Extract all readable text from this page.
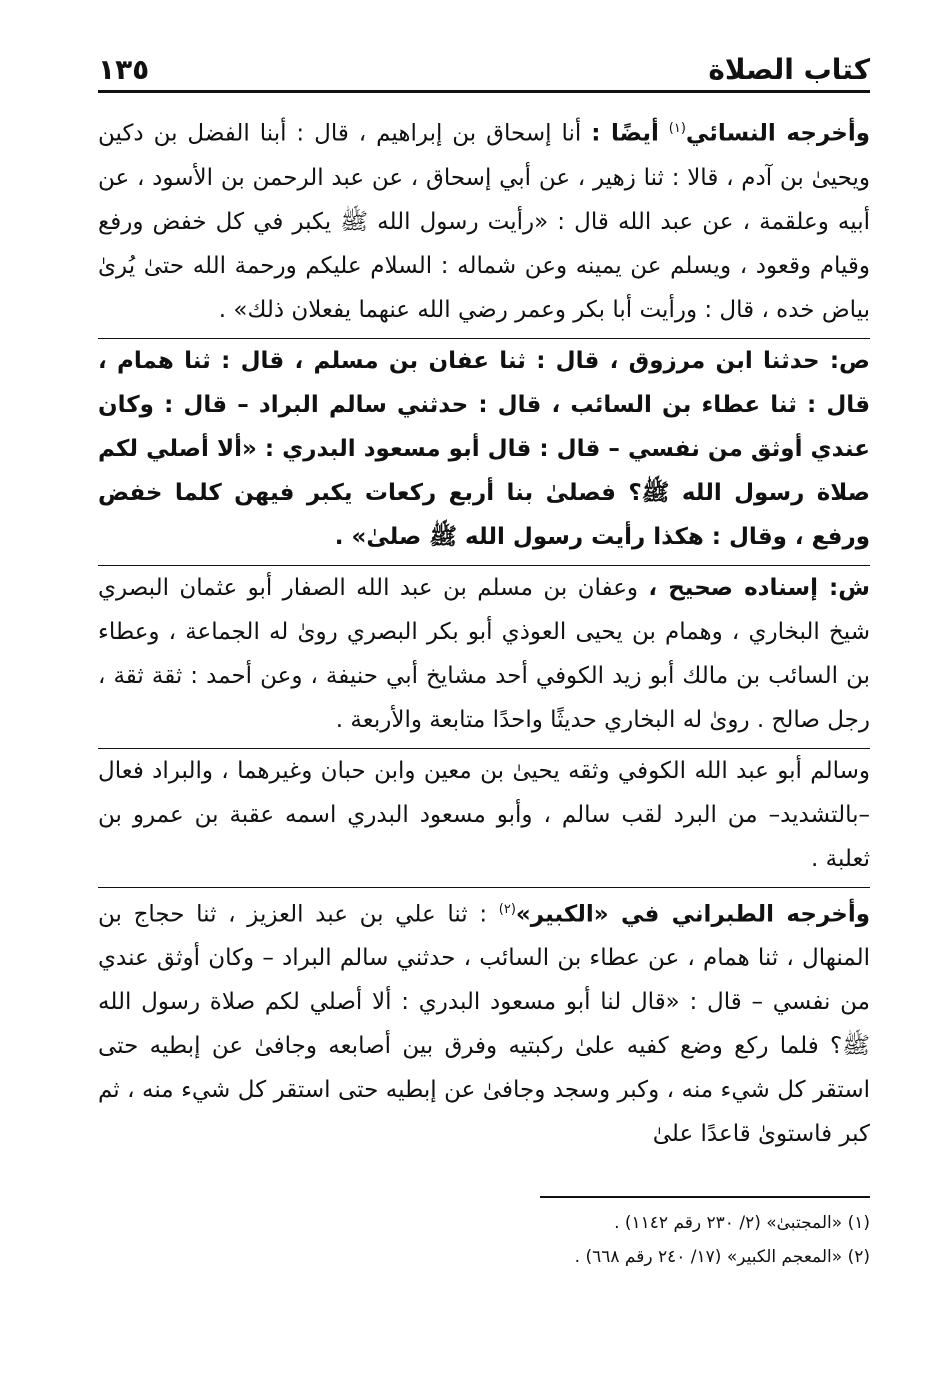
كتاب الصلاة
١٣٥

وأخرجه النسائي$^{(١)}$ أيضًا : أنا إسحاق بن إبراهيم ، قال : أبنا الفضل بن دكين ويحيىٰ بن آدم ، قالا : ثنا زهير ، عن أبي إسحاق ، عن عبد الرحمن بن الأسود ، عن أبيه وعلقمة ، عن عبد الله قال : «رأيت رسول الله ﷺ يكبر في كل خفض ورفع وقيام وقعود ، ويسلم عن يمينه وعن شماله : السلام عليكم ورحمة الله حتىٰ يُرىٰ بياض خده ، قال : ورأيت أبا بكر وعمر رضي الله عنهما يفعلان ذلك» .

ص: حدثنا ابن مرزوق ، قال : ثنا عفان بن مسلم ، قال : ثنا همام ، قال : ثنا عطاء بن السائب ، قال : حدثني سالم البراد – قال : وكان عندي أوثق من نفسي – قال : قال أبو مسعود البدري : «ألا أصلي لكم صلاة رسول الله ﷺ؟ فصلىٰ بنا أربع ركعات يكبر فيهن كلما خفض ورفع ، وقال : هكذا رأيت رسول الله ﷺ صلىٰ» .

ش: إسناده صحيح ، وعفان بن مسلم بن عبد الله الصفار أبو عثمان البصري شيخ البخاري ، وهمام بن يحيى العوذي أبو بكر البصري روىٰ له الجماعة ، وعطاء بن السائب بن مالك أبو زيد الكوفي أحد مشايخ أبي حنيفة ، وعن أحمد : ثقة ثقة ، رجل صالح . روىٰ له البخاري حديثًا واحدًا متابعة والأربعة .

وسالم أبو عبد الله الكوفي وثقه يحيىٰ بن معين وابن حبان وغيرهما ، والبراد فعال –بالتشديد– من البرد لقب سالم ، وأبو مسعود البدري اسمه عقبة بن عمرو بن ثعلبة .

وأخرجه الطبراني في «الكبير»$^{(٢)}$ : ثنا علي بن عبد العزيز ، ثنا حجاج بن المنهال ، ثنا همام ، عن عطاء بن السائب ، حدثني سالم البراد – وكان أوثق عندي من نفسي – قال : «قال لنا أبو مسعود البدري : ألا أصلي لكم صلاة رسول الله ﷺ؟ فلما ركع وضع كفيه علىٰ ركبتيه وفرق بين أصابعه وجافىٰ عن إبطيه حتى استقر كل شيء منه ، وكبر وسجد وجافىٰ عن إبطيه حتى استقر كل شيء منه ، ثم كبر فاستوىٰ قاعدًا علىٰ

(١) «المجتبىٰ» (٢/ ٢٣٠ رقم ١١٤٢) .

(٢) «المعجم الكبير» (١٧/ ٢٤٠ رقم ٦٦٨) .
